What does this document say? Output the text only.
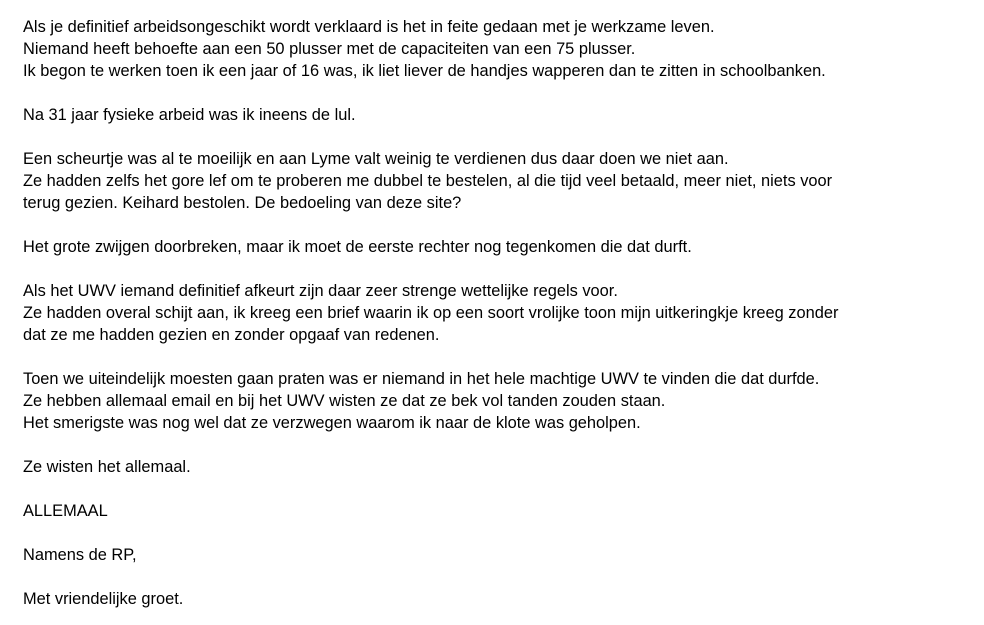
Als je definitief arbeidsongeschikt wordt verklaard is het in feite gedaan met je werkzame leven.
Niemand heeft behoefte aan een 50 plusser met de capaciteiten van een 75 plusser.
Ik begon te werken toen ik een jaar of 16 was, ik liet liever de handjes wapperen dan te zitten in schoolbanken.

Na 31 jaar fysieke arbeid was ik ineens de lul.

Een scheurtje was al te moeilijk en aan Lyme valt weinig te verdienen dus daar doen we niet aan.
Ze hadden zelfs het gore lef om te proberen me dubbel te bestelen, al die tijd veel betaald, meer niet, niets voor
terug gezien. Keihard bestolen. De bedoeling van deze site?

Het grote zwijgen doorbreken, maar ik moet de eerste rechter nog tegenkomen die dat durft.

Als het UWV iemand definitief afkeurt zijn daar zeer strenge wettelijke regels voor.
Ze hadden overal schijt aan, ik kreeg een brief waarin ik op een soort vrolijke toon mijn uitkeringkje kreeg zonder
dat ze me hadden gezien en zonder opgaaf van redenen.

Toen we uiteindelijk moesten gaan praten was er niemand in het hele machtige UWV te vinden die dat durfde.
Ze hebben allemaal email en bij het UWV wisten ze dat ze bek vol tanden zouden staan.
Het smerigste was nog wel dat ze verzwegen waarom ik naar de klote was geholpen.

Ze wisten het allemaal.

ALLEMAAL

Namens de RP,

Met vriendelijke groet.
